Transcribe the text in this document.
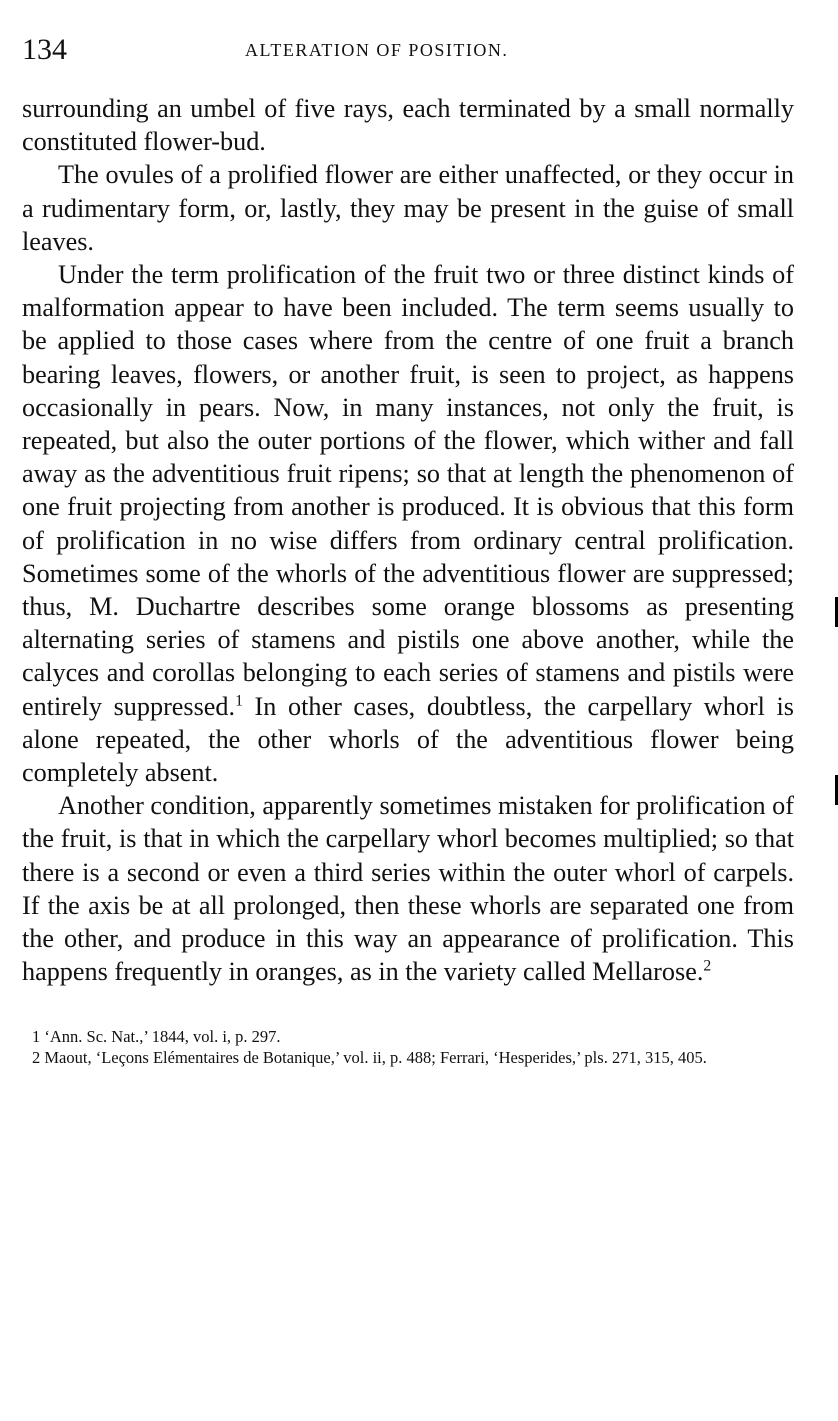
134	ALTERATION OF POSITION.

surrounding an umbel of five rays, each terminated by a small normally constituted flower-bud.

The ovules of a prolified flower are either unaffected, or they occur in a rudimentary form, or, lastly, they may be present in the guise of small leaves.

Under the term prolification of the fruit two or three distinct kinds of malformation appear to have been included. The term seems usually to be applied to those cases where from the centre of one fruit a branch bearing leaves, flowers, or another fruit, is seen to project, as happens occasionally in pears. Now, in many instances, not only the fruit, is repeated, but also the outer portions of the flower, which wither and fall away as the adventitious fruit ripens; so that at length the phenomenon of one fruit projecting from another is produced. It is obvious that this form of prolification in no wise differs from ordinary central prolification. Sometimes some of the whorls of the adventitious flower are suppressed; thus, M. Duchartre describes some orange blossoms as presenting alternating series of stamens and pistils one above another, while the calyces and corollas belonging to each series of stamens and pistils were entirely suppressed.$^1$ In other cases, doubtless, the carpellary whorl is alone repeated, the other whorls of the adventitious flower being completely absent.

Another condition, apparently sometimes mistaken for prolification of the fruit, is that in which the carpellary whorl becomes multiplied; so that there is a second or even a third series within the outer whorl of carpels. If the axis be at all prolonged, then these whorls are separated one from the other, and produce in this way an appearance of prolification. This happens frequently in oranges, as in the variety called Mellarose.$^2$

1 ‘Ann. Sc. Nat.,’ 1844, vol. i, p. 297.

2 Maout, ‘Leçons Elémentaires de Botanique,’ vol. ii, p. 488; Ferrari, ‘Hesperides,’ pls. 271, 315, 405.
